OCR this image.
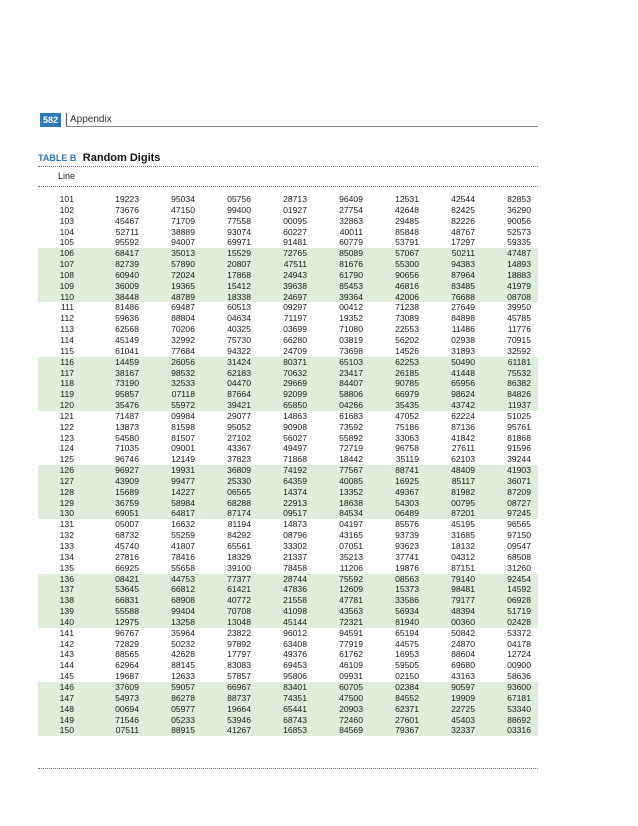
582	Appendix
TABLE B Random Digits
Line
101	19223	95034	05756	28713	96409	12531	42544	82853
102	73676	47150	99400	01927	27754	42648	82425	36290
103	45467	71709	77558	00095	32863	29485	82226	90056
104	52711	38889	93074	60227	40011	85848	48767	52573
105	95592	94007	69971	91481	60779	53791	17297	59335
106	68417	35013	15529	72765	85089	57067	50211	47487
107	82739	57890	20807	47511	81676	55300	94383	14893
108	60940	72024	17868	24943	61790	90656	87964	18883
109	36009	19365	15412	39638	85453	46816	83485	41979
110	38448	48789	18338	24697	39364	42006	76688	08708
111	81486	69487	60513	09297	00412	71238	27649	39950
112	59636	88804	04634	71197	19352	73089	84898	45785
113	62568	70206	40325	03699	71080	22553	11486	11776
114	45149	32992	75730	66280	03819	56202	02938	70915
115	61041	77684	94322	24709	73698	14526	31893	32592
116	14459	26056	31424	80371	65103	62253	50490	61181
117	38167	98532	62183	70632	23417	26185	41448	75532
118	73190	32533	04470	29669	84407	90785	65956	86382
119	95857	07118	87664	92099	58806	66979	98624	84826
120	35476	55972	39421	65850	04266	35435	43742	11937
121	71487	09984	29077	14863	61683	47052	62224	51025
122	13873	81598	95052	90908	73592	75186	87136	95761
123	54580	81507	27102	56027	55892	33063	41842	81868
124	71035	09001	43367	49497	72719	96758	27611	91596
125	96746	12149	37823	71868	18442	35119	62103	39244
126	96927	19931	36809	74192	77567	88741	48409	41903
127	43909	99477	25330	64359	40085	16925	85117	36071
128	15689	14227	06565	14374	13352	49367	81982	87209
129	36759	58984	68288	22913	18638	54303	00795	08727
130	69051	64817	87174	09517	84534	06489	87201	97245
131	05007	16632	81194	14873	04197	85576	45195	96565
132	68732	55259	84292	08796	43165	93739	31685	97150
133	45740	41807	65561	33302	07051	93623	18132	09547
134	27816	78416	18329	21337	35213	37741	04312	68508
135	66925	55658	39100	78458	11206	19876	87151	31260
136	08421	44753	77377	28744	75592	08563	79140	92454
137	53645	66812	61421	47836	12609	15373	98481	14592
138	66831	68908	40772	21558	47781	33586	79177	06928
139	55588	99404	70708	41098	43563	56934	48394	51719
140	12975	13258	13048	45144	72321	81940	00360	02428
141	96767	35964	23822	96012	94591	65194	50842	53372
142	72829	50232	97892	63408	77919	44575	24870	04178
143	88565	42628	17797	49376	61762	16953	88604	12724
144	62964	88145	83083	69453	46109	59505	69680	00900
145	19687	12633	57857	95806	09931	02150	43163	58636
146	37609	59057	66967	83401	60705	02384	90597	93600
147	54973	86278	88737	74351	47500	84552	19909	67181
148	00694	05977	19664	65441	20903	62371	22725	53340
149	71546	05233	53946	68743	72460	27601	45403	88692
150	07511	88915	41267	16853	84569	79367	32337	03316
